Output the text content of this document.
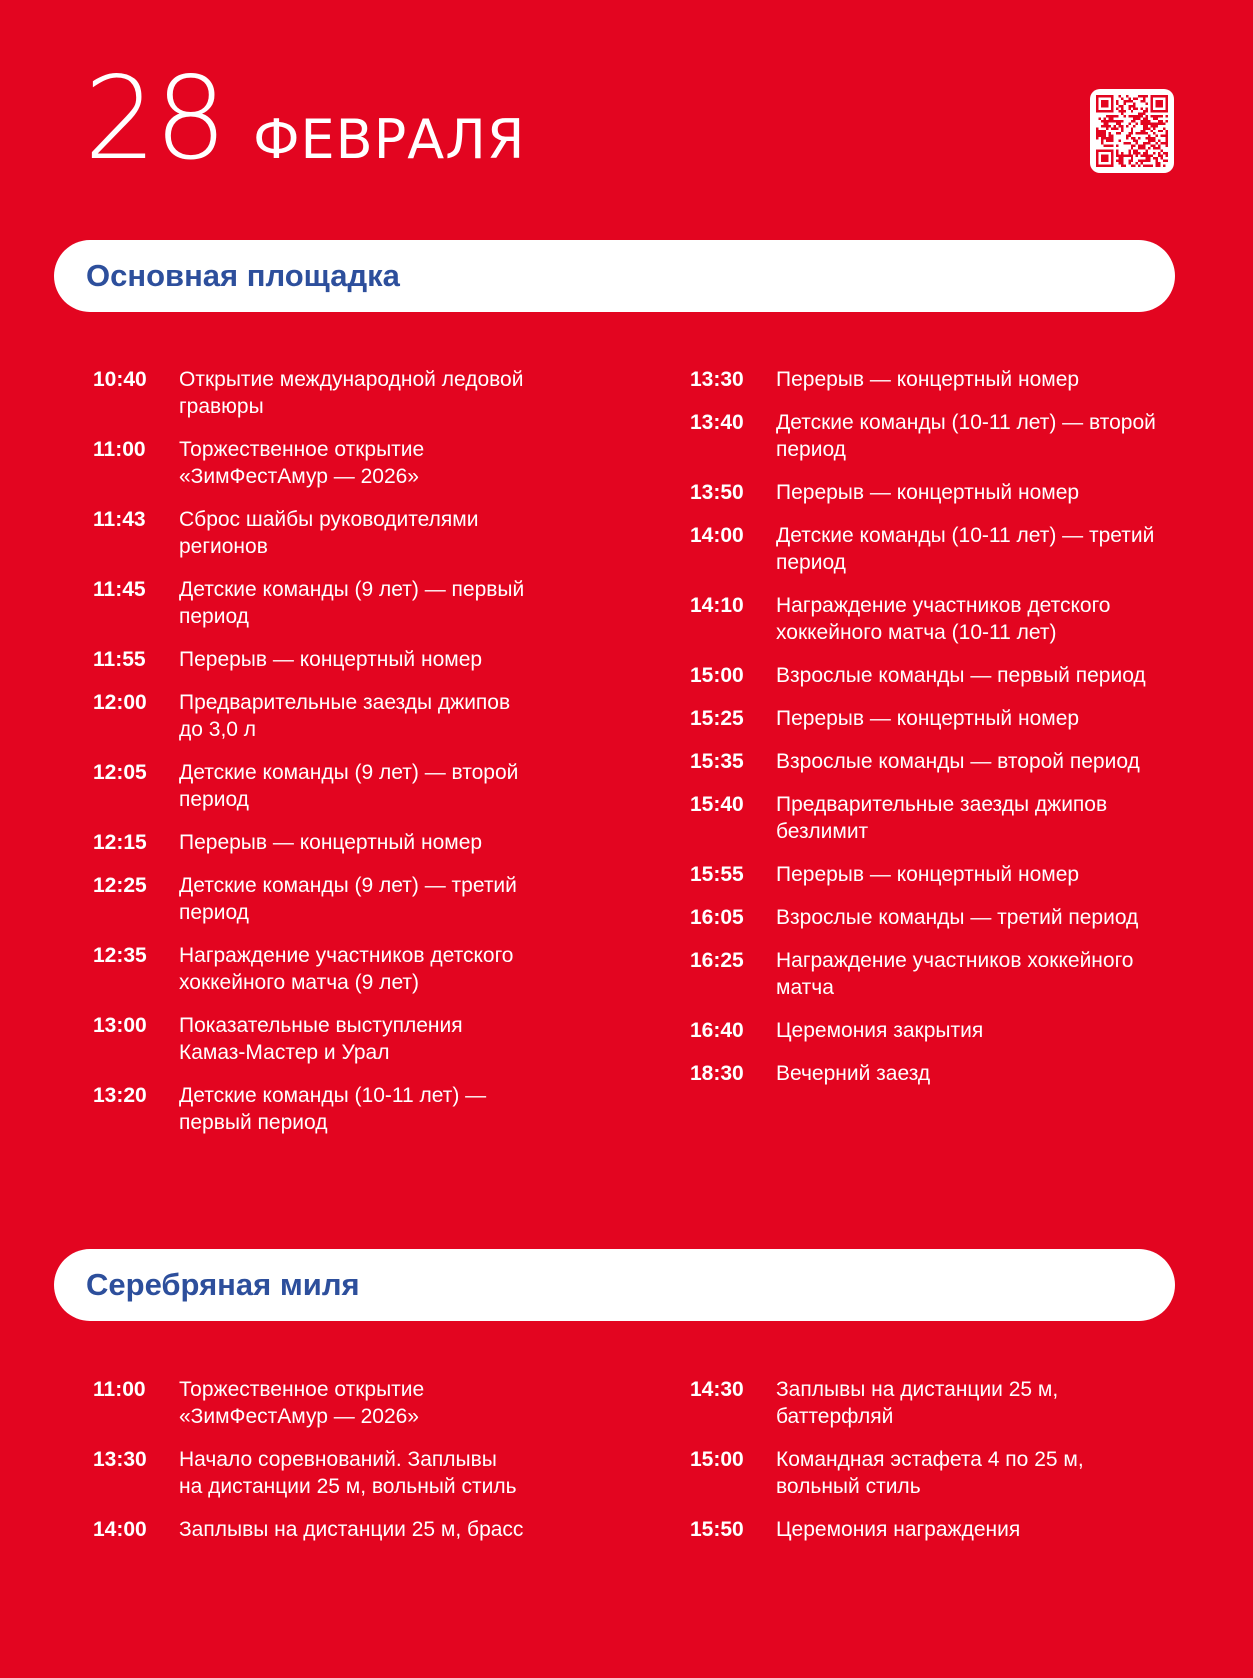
28 ФЕВРАЛЯ
Основная площадка
10:40	Открытие международной ледовой
гравюры
11:00	Торжественное открытие
«ЗимФестАмур — 2026»
11:43	Сброс шайбы руководителями
регионов
11:45	Детские команды (9 лет) — первый
период
11:55	Перерыв — концертный номер
12:00	Предварительные заезды джипов
до 3,0 л
12:05	Детские команды (9 лет) — второй
период
12:15	Перерыв — концертный номер
12:25	Детские команды (9 лет) — третий
период
12:35	Награждение участников детского
хоккейного матча (9 лет)
13:00	Показательные выступления
Камаз-Мастер и Урал
13:20	Детские команды (10-11 лет) —
первый период
13:30	Перерыв — концертный номер
13:40	Детские команды (10-11 лет) — второй
период
13:50	Перерыв — концертный номер
14:00	Детские команды (10-11 лет) — третий
период
14:10	Награждение участников детского
хоккейного матча (10-11 лет)
15:00	Взрослые команды — первый период
15:25	Перерыв — концертный номер
15:35	Взрослые команды — второй период
15:40	Предварительные заезды джипов
безлимит
15:55	Перерыв — концертный номер
16:05	Взрослые команды — третий период
16:25	Награждение участников хоккейного
матча
16:40	Церемония закрытия
18:30	Вечерний заезд
Серебряная миля
11:00	Торжественное открытие
«ЗимФестАмур — 2026»
13:30	Начало соревнований. Заплывы
на дистанции 25 м, вольный стиль
14:00	Заплывы на дистанции 25 м, брасс
14:30	Заплывы на дистанции 25 м,
баттерфляй
15:00	Командная эстафета 4 по 25 м,
вольный стиль
15:50	Церемония награждения
